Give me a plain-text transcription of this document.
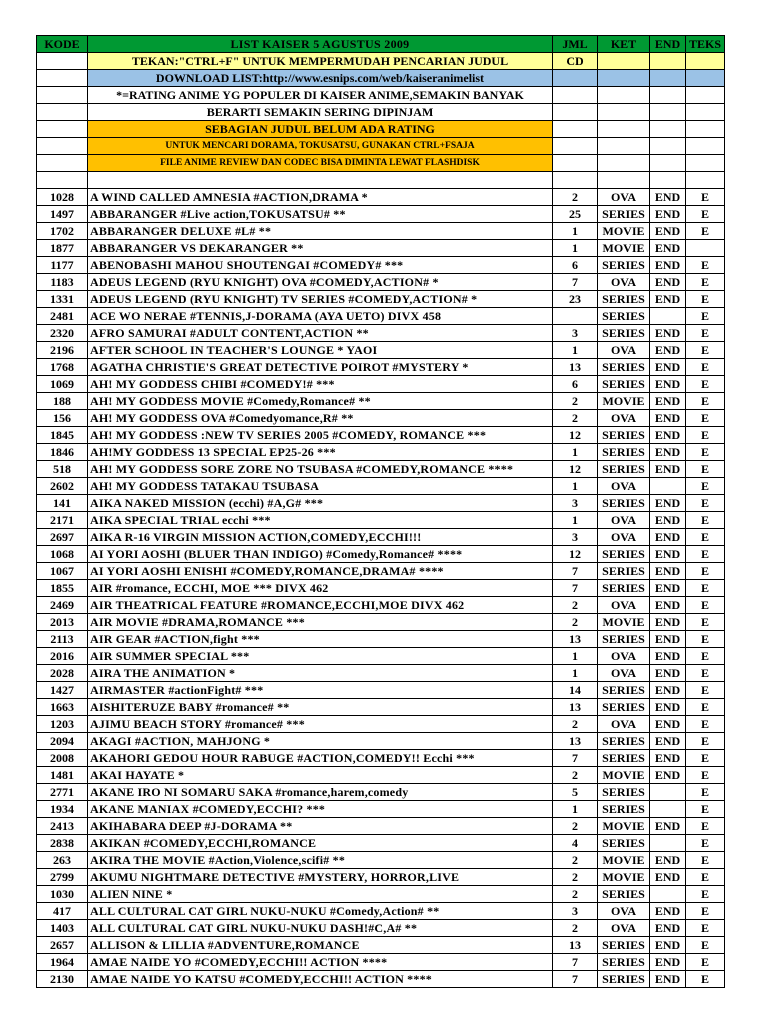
KODE	LIST KAISER 5 AGUSTUS 2009	JML	KET	END	TEKS
	TEKAN:"CTRL+F" UNTUK MEMPERMUDAH PENCARIAN JUDUL	CD			
	DOWNLOAD LIST:http://www.esnips.com/web/kaiseranimelist				
	*=RATING ANIME YG POPULER DI KAISER ANIME,SEMAKIN BANYAK				
	BERARTI SEMAKIN SERING DIPINJAM				
	SEBAGIAN JUDUL BELUM ADA RATING				
	UNTUK MENCARI DORAMA, TOKUSATSU, GUNAKAN CTRL+FSAJA				
	FILE ANIME REVIEW DAN CODEC BISA DIMINTA LEWAT FLASHDISK				

1028	A WIND CALLED AMNESIA #ACTION,DRAMA *	2	OVA	END	E
1497	ABBARANGER #Live action,TOKUSATSU# **	25	SERIES	END	E
1702	ABBARANGER DELUXE #L# **	1	MOVIE	END	E
1877	ABBARANGER VS DEKARANGER **	1	MOVIE	END	
1177	ABENOBASHI MAHOU SHOUTENGAI #COMEDY# ***	6	SERIES	END	E
1183	ADEUS LEGEND (RYU KNIGHT) OVA #COMEDY,ACTION# *	7	OVA	END	E
1331	ADEUS LEGEND (RYU KNIGHT) TV SERIES #COMEDY,ACTION# *	23	SERIES	END	E
2481	ACE WO NERAE #TENNIS,J-DORAMA (AYA UETO) DIVX 458		SERIES		E
2320	AFRO SAMURAI #ADULT CONTENT,ACTION **	3	SERIES	END	E
2196	AFTER SCHOOL IN TEACHER'S LOUNGE * YAOI	1	OVA	END	E
1768	AGATHA CHRISTIE'S GREAT DETECTIVE POIROT #MYSTERY *	13	SERIES	END	E
1069	AH! MY GODDESS CHIBI #COMEDY!# ***	6	SERIES	END	E
188	AH! MY GODDESS MOVIE #Comedy,Romance# **	2	MOVIE	END	E
156	AH! MY GODDESS OVA #Comedyomance,R# **	2	OVA	END	E
1845	AH! MY GODDESS :NEW TV SERIES 2005 #COMEDY, ROMANCE ***	12	SERIES	END	E
1846	AH!MY GODDESS 13 SPECIAL EP25-26 ***	1	SERIES	END	E
518	AH! MY GODDESS SORE ZORE NO TSUBASA #COMEDY,ROMANCE ****	12	SERIES	END	E
2602	AH! MY GODDESS TATAKAU TSUBASA	1	OVA		E
141	AIKA NAKED MISSION (ecchi) #A,G# ***	3	SERIES	END	E
2171	AIKA SPECIAL TRIAL ecchi ***	1	OVA	END	E
2697	AIKA R-16 VIRGIN MISSION ACTION,COMEDY,ECCHI!!!	3	OVA	END	E
1068	AI YORI AOSHI (BLUER THAN INDIGO) #Comedy,Romance# ****	12	SERIES	END	E
1067	AI YORI AOSHI ENISHI #COMEDY,ROMANCE,DRAMA# ****	7	SERIES	END	E
1855	AIR #romance, ECCHI, MOE *** DIVX 462	7	SERIES	END	E
2469	AIR THEATRICAL FEATURE #ROMANCE,ECCHI,MOE DIVX 462	2	OVA	END	E
2013	AIR MOVIE #DRAMA,ROMANCE ***	2	MOVIE	END	E
2113	AIR GEAR #ACTION,fight ***	13	SERIES	END	E
2016	AIR SUMMER SPECIAL ***	1	OVA	END	E
2028	AIRA THE ANIMATION *	1	OVA	END	E
1427	AIRMASTER #actionFight# ***	14	SERIES	END	E
1663	AISHITERUZE BABY #romance# **	13	SERIES	END	E
1203	AJIMU BEACH STORY #romance# ***	2	OVA	END	E
2094	AKAGI #ACTION, MAHJONG *	13	SERIES	END	E
2008	AKAHORI GEDOU HOUR RABUGE #ACTION,COMEDY!! Ecchi ***	7	SERIES	END	E
1481	AKAI HAYATE *	2	MOVIE	END	E
2771	AKANE IRO NI SOMARU SAKA #romance,harem,comedy	5	SERIES		E
1934	AKANE MANIAX #COMEDY,ECCHI? ***	1	SERIES		E
2413	AKIHABARA DEEP #J-DORAMA **	2	MOVIE	END	E
2838	AKIKAN #COMEDY,ECCHI,ROMANCE	4	SERIES		E
263	AKIRA THE MOVIE #Action,Violence,scifi# **	2	MOVIE	END	E
2799	AKUMU NIGHTMARE DETECTIVE #MYSTERY, HORROR,LIVE	2	MOVIE	END	E
1030	ALIEN NINE *	2	SERIES		E
417	ALL CULTURAL CAT GIRL NUKU-NUKU #Comedy,Action# **	3	OVA	END	E
1403	ALL CULTURAL CAT GIRL NUKU-NUKU DASH!#C,A# **	2	OVA	END	E
2657	ALLISON & LILLIA #ADVENTURE,ROMANCE	13	SERIES	END	E
1964	AMAE NAIDE YO #COMEDY,ECCHI!! ACTION ****	7	SERIES	END	E
2130	AMAE NAIDE YO KATSU #COMEDY,ECCHI!! ACTION ****	7	SERIES	END	E
